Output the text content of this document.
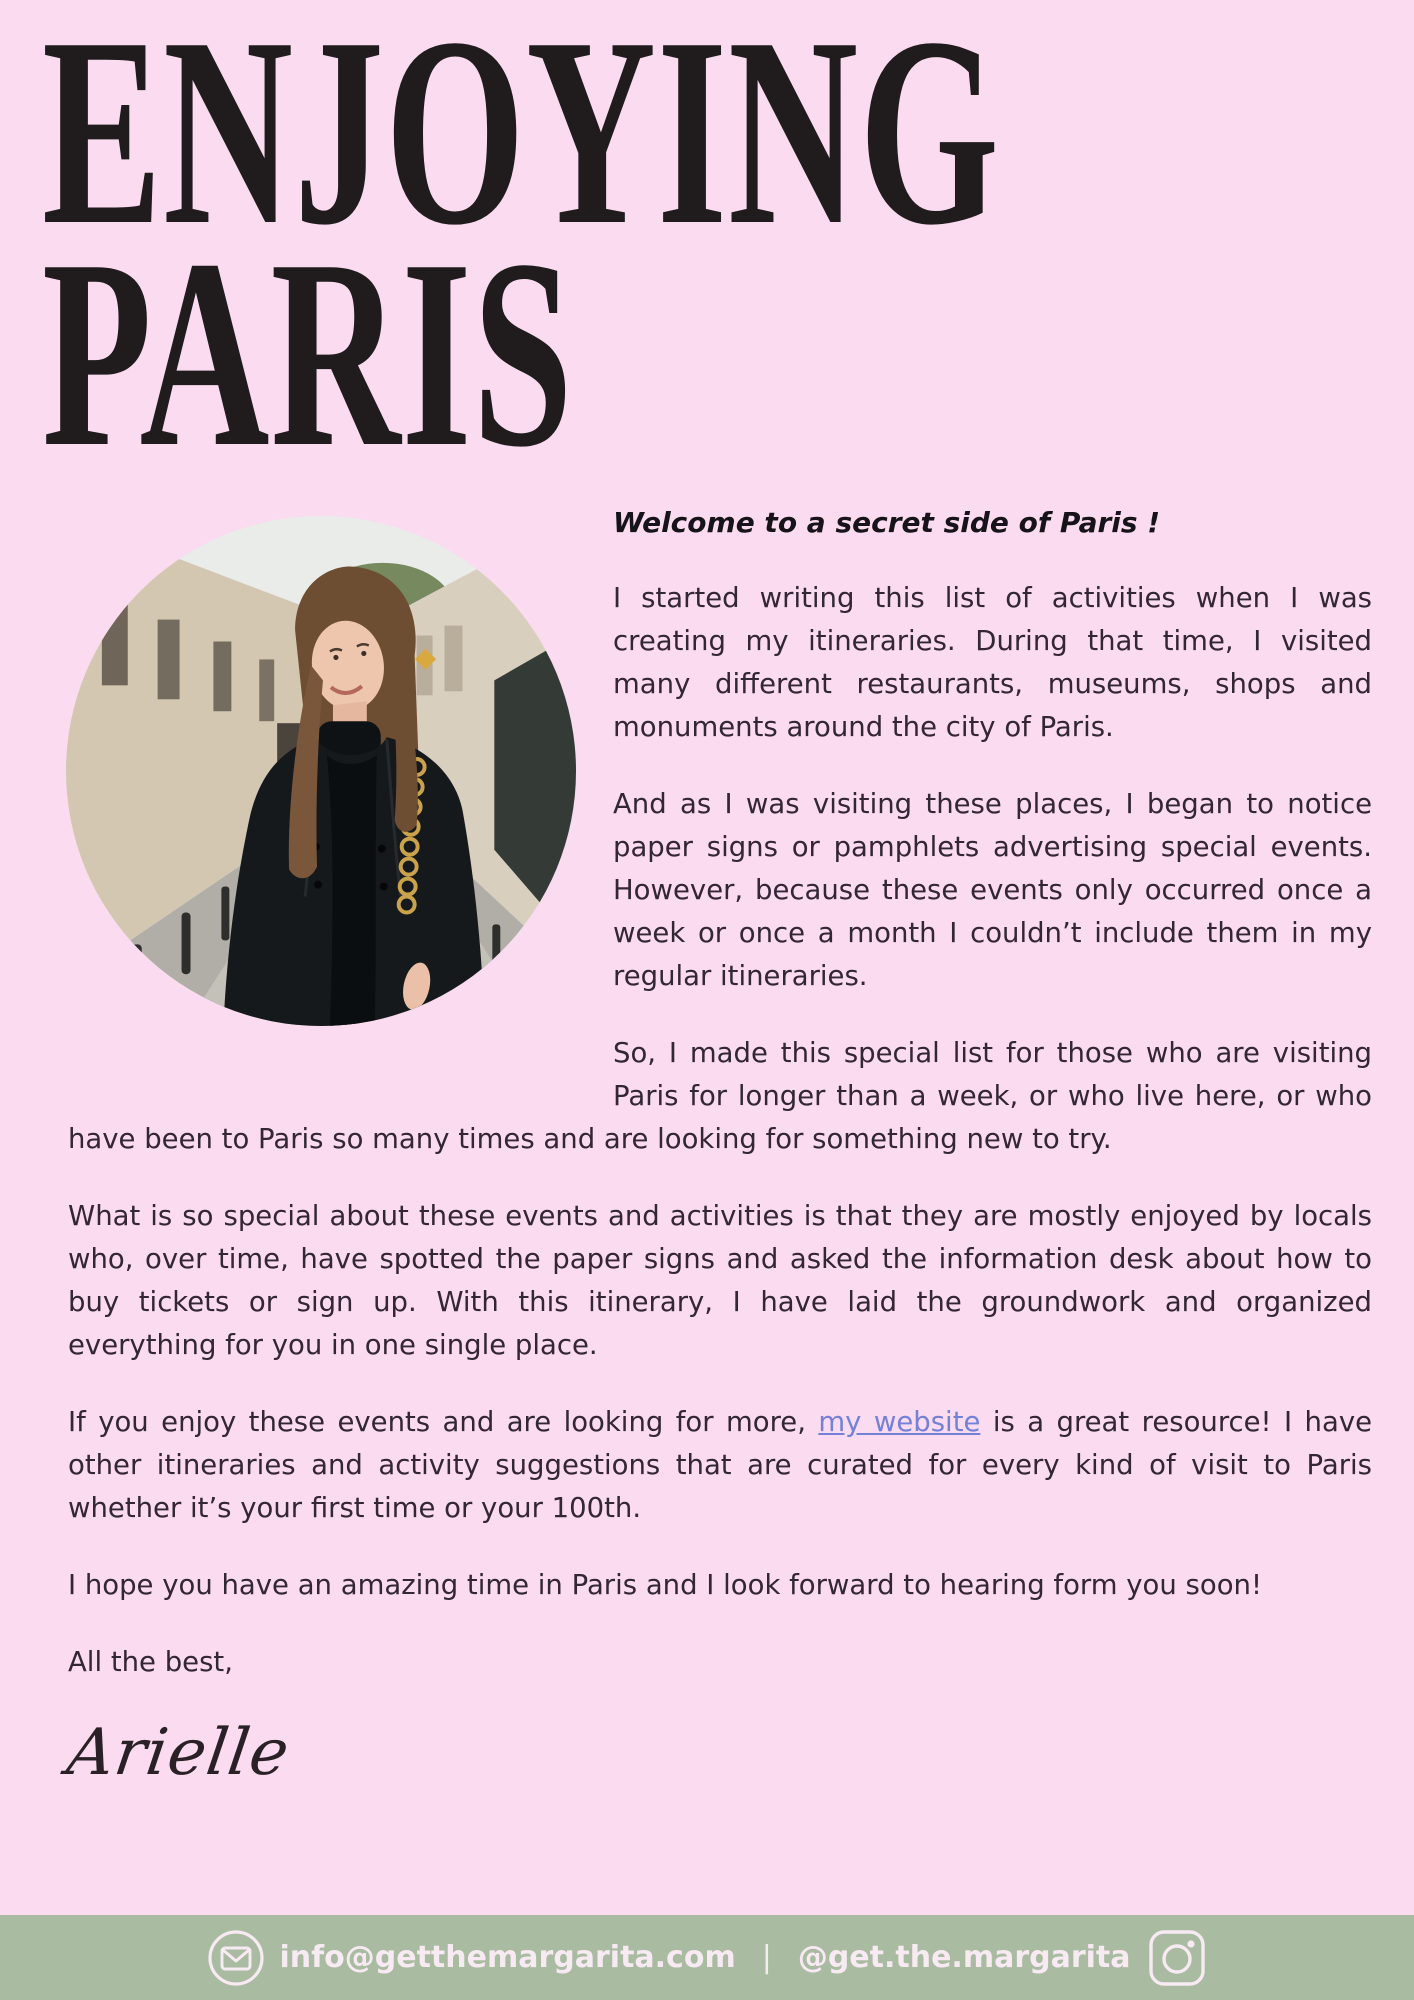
ENJOYING
PARIS
Welcome to a secret side of Paris !

I started writing this list of activities when I was creating my itineraries. During that time, I visited many different restaurants, museums, shops and monuments around the city of Paris.

And as I was visiting these places, I began to notice paper signs or pamphlets advertising special events. However, because these events only occurred once a week or once a month I couldn’t include them in my regular itineraries.

So, I made this special list for those who are visiting Paris for longer than a week, or who live here, or who have been to Paris so many times and are looking for something new to try.

What is so special about these events and activities is that they are mostly enjoyed by locals who, over time, have spotted the paper signs and asked the information desk about how to buy tickets or sign up. With this itinerary, I have laid the groundwork and organized everything for you in one single place.

If you enjoy these events and are looking for more, my website is a great resource! I have other itineraries and activity suggestions that are curated for every kind of visit to Paris whether it’s your first time or your 100th.

I hope you have an amazing time in Paris and I look forward to hearing form you soon!

All the best,

Arielle
info@getthemargarita.com | @get.the.margarita
